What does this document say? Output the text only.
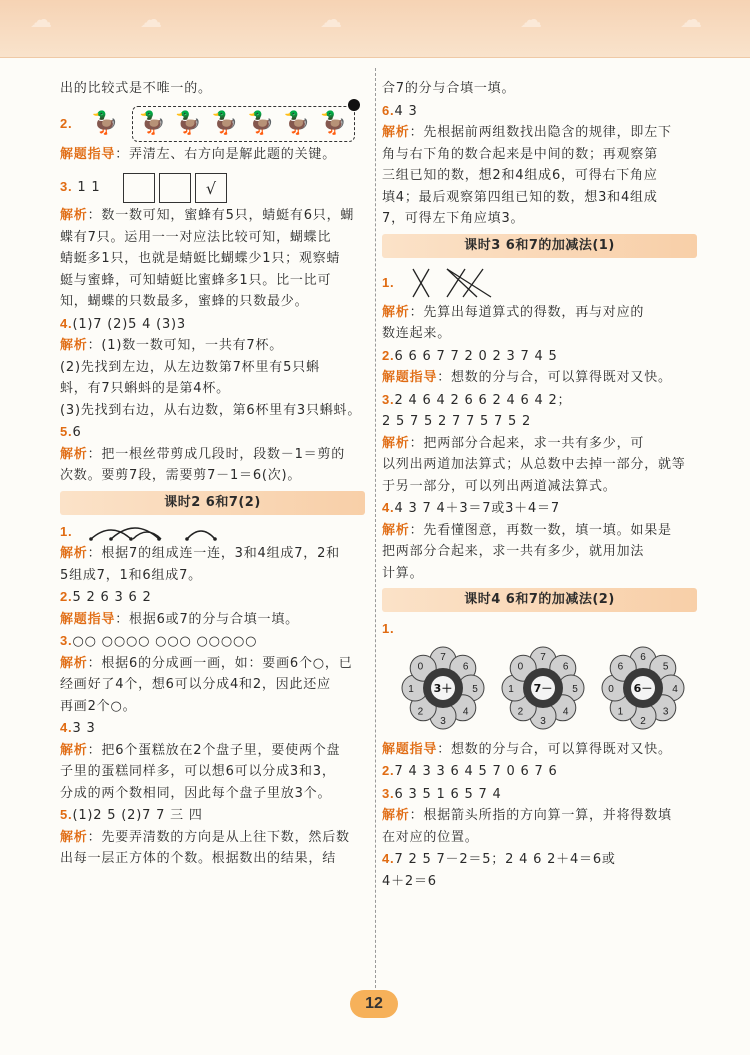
☁	☁	☁	☁	☁
出的比较式是不唯一的。
2. 🦆 🦆 🦆 🦆 🦆 🦆 🦆
解题指导：弄清左、右方向是解此题的关键。
3. 1 1	√
解析：数一数可知，蜜蜂有5只，蜻蜓有6只，蝴
蝶有7只。运用一一对应法比较可知，蝴蝶比
蜻蜓多1只，也就是蜻蜓比蝴蝶少1只；观察蜻
蜓与蜜蜂，可知蜻蜓比蜜蜂多1只。比一比可
知，蝴蝶的只数最多，蜜蜂的只数最少。
4.(1)7 (2)5 4 (3)3
解析：(1)数一数可知，一共有7杯。
(2)先找到左边，从左边数第7杯里有5只蝌
蚪，有7只蝌蚪的是第4杯。
(3)先找到右边，从右边数，第6杯里有3只蝌蚪。
5.6
解析：把一根丝带剪成几段时，段数－1＝剪的
次数。要剪7段，需要剪7－1＝6(次)。
课时2 6和7(2)
1.
解析：根据7的组成连一连，3和4组成7，2和
5组成7，1和6组成7。
2.5 2 6 3 6 2
解题指导：根据6或7的分与合填一填。
3.○○ ○○○○ ○○○ ○○○○○
解析：根据6的分成画一画，如：要画6个○，已
经画好了4个，想6可以分成4和2，因此还应
再画2个○。
4.3 3
解析：把6个蛋糕放在2个盘子里，要使两个盘
子里的蛋糕同样多，可以想6可以分成3和3，
分成的两个数相同，因此每个盘子里放3个。
5.(1)2 5 (2)7 7 三 四
解析：先要弄清数的方向是从上往下数，然后数
出每一层正方体的个数。根据数出的结果，结
合7的分与合填一填。
6.4 3
解析：先根据前两组数找出隐含的规律，即左下
角与右下角的数合起来是中间的数；再观察第
三组已知的数，想2和4组成6，可得右下角应
填4；最后观察第四组已知的数，想3和4组成
7，可得左下角应填3。
课时3 6和7的加减法(1)
1.
解析：先算出每道算式的得数，再与对应的
数连起来。
2.6 6 6 7 7 2 0 2 3 7 4 5
解题指导：想数的分与合，可以算得既对又快。
3.2 4 6 4 2 6 6 2 4 6 4 2；
2 5 7 5 2 7 7 5 7 5 2
解析：把两部分合起来，求一共有多少，可
以列出两道加法算式；从总数中去掉一部分，就等
于另一部分，可以列出两道减法算式。
4.4 3 7 4＋3＝7或3＋4＝7
解析：先看懂图意，再数一数，填一填。如果是
把两部分合起来，求一共有多少，就用加法
计算。
课时4 6和7的加减法(2)
1.
7
6
5
4
3
2
1
0
3＋
7
6
5
4
3
2
1
0
7－
6
5
4
3
2
1
0
6
6－
解题指导：想数的分与合，可以算得既对又快。
2.7 4 3 3 6 4 5 7 0 6 7 6
3.6 3 5 1 6 5 7 4
解析：根据箭头所指的方向算一算，并将得数填
在对应的位置。
4.7 2 5 7－2＝5；2 4 6 2＋4＝6或
4＋2＝6
12
